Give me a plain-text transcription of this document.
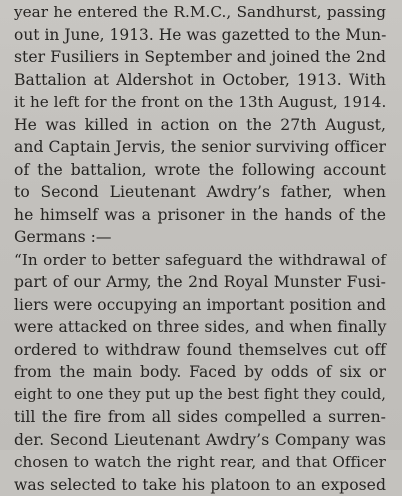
year he entered the R.M.C., Sandhurst, passing
out in June, 1913. He was gazetted to the Mun-
ster Fusiliers in September and joined the 2nd
Battalion at Aldershot in October, 1913. With
it he left for the front on the 13th August, 1914.
He was killed in action on the 27th August,
and Captain Jervis, the senior surviving officer
of the battalion, wrote the following account
to Second Lieutenant Awdry’s father, when
he himself was a prisoner in the hands of the
Germans :—
“In order to better safeguard the withdrawal of
part of our Army, the 2nd Royal Munster Fusi-
liers were occupying an important position and
were attacked on three sides, and when finally
ordered to withdraw found themselves cut off
from the main body. Faced by odds of six or
eight to one they put up the best fight they could,
till the fire from all sides compelled a surren-
der. Second Lieutenant Awdry’s Company was
chosen to watch the right rear, and that Officer
was selected to take his platoon to an exposed
